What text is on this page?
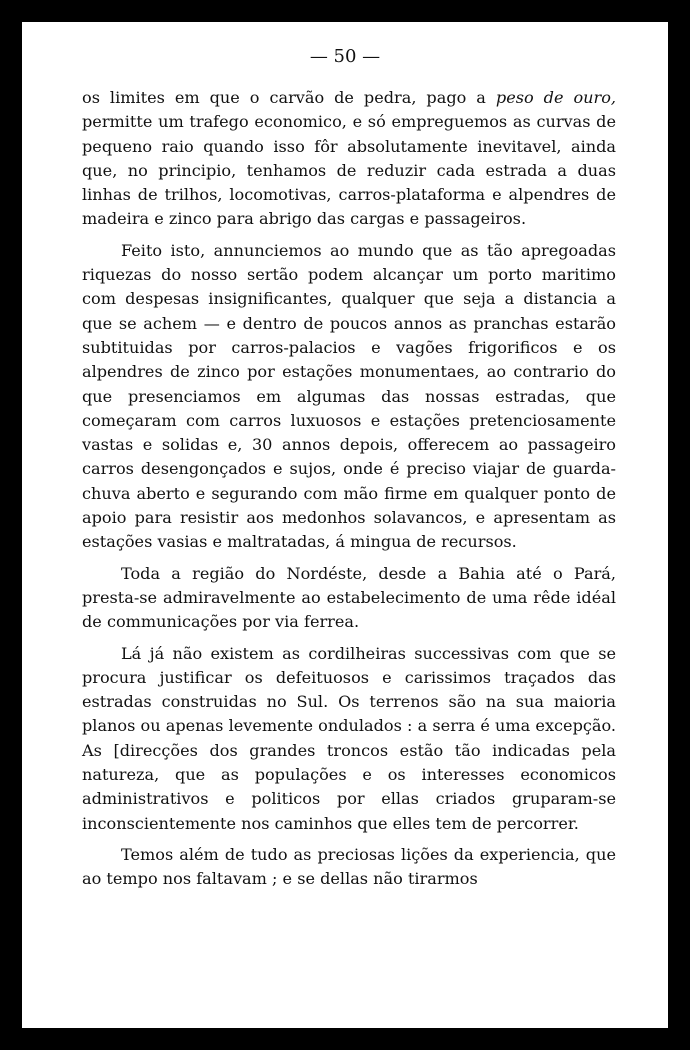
— 50 —

os limites em que o carvão de pedra, pago a peso de ouro, permitte um trafego economico, e só empreguemos as curvas de pequeno raio quando isso fôr absolutamente inevitavel, ainda que, no principio, tenhamos de reduzir cada estrada a duas linhas de trilhos, locomotivas, carros-plataforma e alpendres de madeira e zinco para abrigo das cargas e passageiros.

Feito isto, annunciemos ao mundo que as tão apregoadas riquezas do nosso sertão podem alcançar um porto maritimo com despesas insignificantes, qualquer que seja a distancia a que se achem — e dentro de poucos annos as pranchas estarão subtituidas por carros-palacios e vagões frigorificos e os alpendres de zinco por estações monumentaes, ao contrario do que presenciamos em algumas das nossas estradas, que começaram com carros luxuosos e estações pretenciosamente vastas e solidas e, 30 annos depois, offerecem ao passageiro carros desengonçados e sujos, onde é preciso viajar de guarda-chuva aberto e segurando com mão firme em qualquer ponto de apoio para resistir aos medonhos solavancos, e apresentam as estações vasias e maltratadas, á mingua de recursos.

Toda a região do Nordéste, desde a Bahia até o Pará, presta-se admiravelmente ao estabelecimento de uma rêde idéal de communicações por via ferrea.

Lá já não existem as cordilheiras successivas com que se procura justificar os defeituosos e carissimos traçados das estradas construidas no Sul. Os terrenos são na sua maioria planos ou apenas levemente ondulados : a serra é uma excepção. As [direcções dos grandes troncos estão tão indicadas pela natureza, que as populações e os interesses economicos administrativos e politicos por ellas criados gruparam-se inconscientemente nos caminhos que elles tem de percorrer.

Temos além de tudo as preciosas lições da experiencia, que ao tempo nos faltavam ; e se dellas não tirarmos
